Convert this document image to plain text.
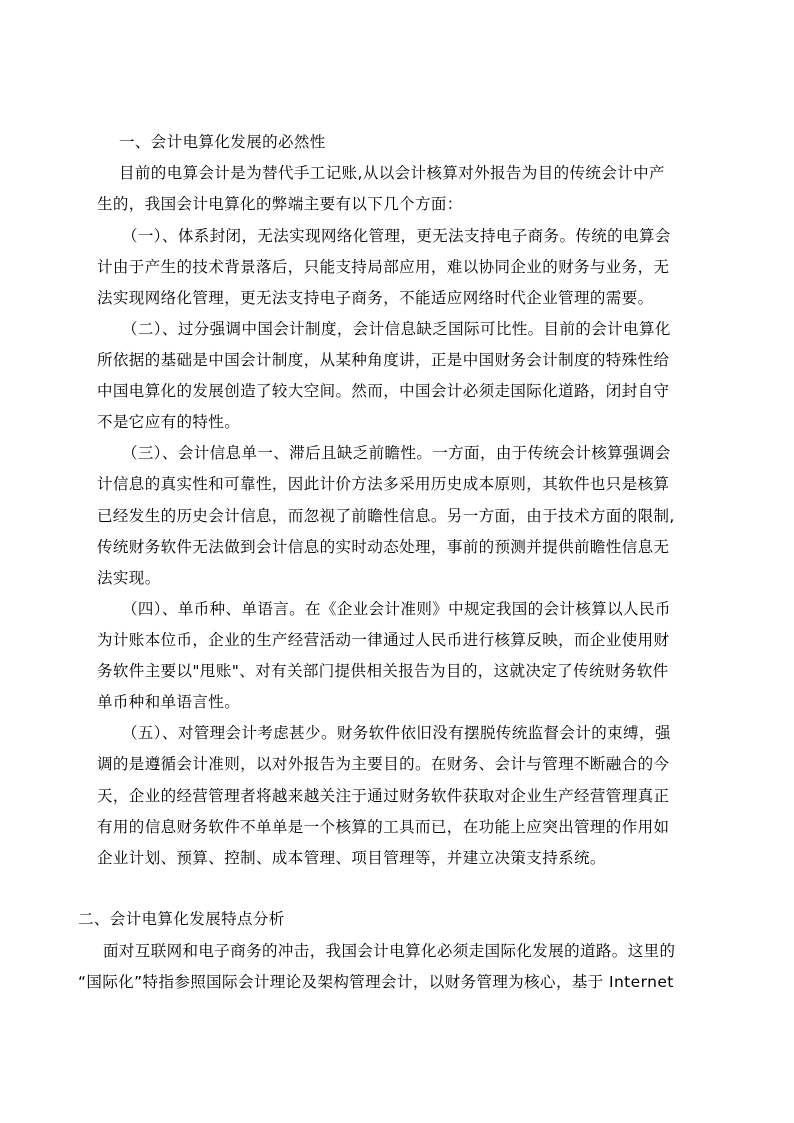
一、会计电算化发展的必然性
目前的电算会计是为替代手工记账,从以会计核算对外报告为目的传统会计中产
生的，我国会计电算化的弊端主要有以下几个方面：
（一）、体系封闭，无法实现网络化管理，更无法支持电子商务。传统的电算会
计由于产生的技术背景落后，只能支持局部应用，难以协同企业的财务与业务，无
法实现网络化管理，更无法支持电子商务，不能适应网络时代企业管理的需要。
（二）、过分强调中国会计制度，会计信息缺乏国际可比性。目前的会计电算化
所依据的基础是中国会计制度，从某种角度讲，正是中国财务会计制度的特殊性给
中国电算化的发展创造了较大空间。然而，中国会计必须走国际化道路，闭封自守
不是它应有的特性。
（三）、会计信息单一、滞后且缺乏前瞻性。一方面，由于传统会计核算强调会
计信息的真实性和可靠性，因此计价方法多采用历史成本原则，其软件也只是核算
已经发生的历史会计信息，而忽视了前瞻性信息。另一方面，由于技术方面的限制,
传统财务软件无法做到会计信息的实时动态处理，事前的预测并提供前瞻性信息无
法实现。
（四）、单币种、单语言。在《企业会计准则》中规定我国的会计核算以人民币
为计账本位币，企业的生产经营活动一律通过人民币进行核算反映，而企业使用财
务软件主要以"甩账"、对有关部门提供相关报告为目的，这就决定了传统财务软件
单币种和单语言性。
（五）、对管理会计考虑甚少。财务软件依旧没有摆脱传统监督会计的束缚，强
调的是遵循会计准则，以对外报告为主要目的。在财务、会计与管理不断融合的今
天，企业的经营管理者将越来越关注于通过财务软件获取对企业生产经营管理真正
有用的信息财务软件不单单是一个核算的工具而已，在功能上应突出管理的作用如
企业计划、预算、控制、成本管理、项目管理等，并建立决策支持系统。
二、会计电算化发展特点分析
面对互联网和电子商务的冲击，我国会计电算化必须走国际化发展的道路。这里的
“国际化”特指参照国际会计理论及架构管理会计，以财务管理为核心，基于 Internet
